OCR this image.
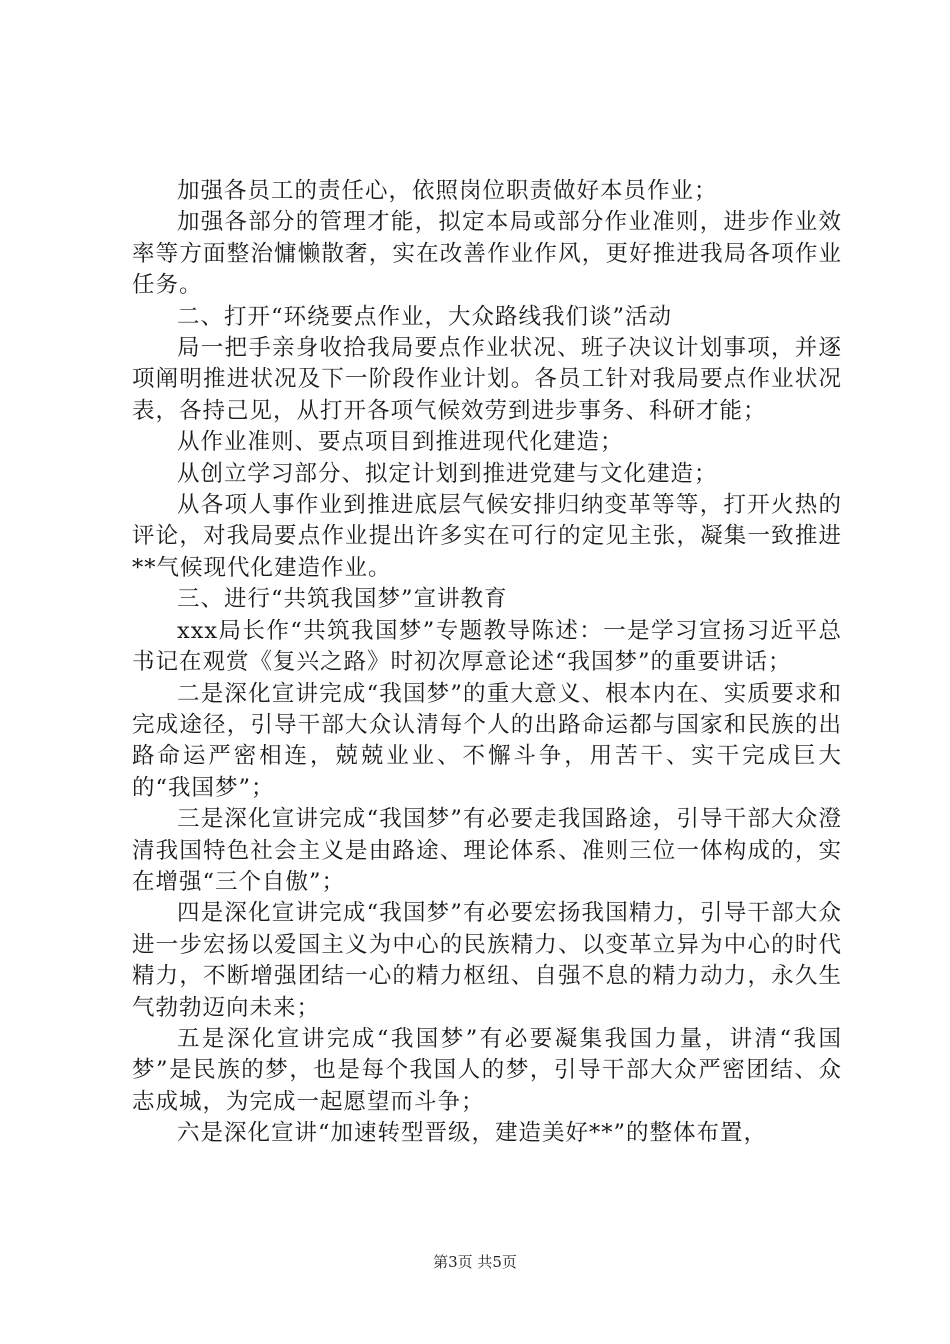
加强各员工的责任心，依照岗位职责做好本员作业；

加强各部分的管理才能，拟定本局或部分作业准则，进步作业效率等方面整治慵懒散奢，实在改善作业作风，更好推进我局各项作业任务。

二、打开“环绕要点作业，大众路线我们谈”活动

局一把手亲身收拾我局要点作业状况、班子决议计划事项，并逐项阐明推进状况及下一阶段作业计划。各员工针对我局要点作业状况表，各持己见，从打开各项气候效劳到进步事务、科研才能；

从作业准则、要点项目到推进现代化建造；

从创立学习部分、拟定计划到推进党建与文化建造；

从各项人事作业到推进底层气候安排归纳变革等等，打开火热的评论，对我局要点作业提出许多实在可行的定见主张，凝集一致推进**气候现代化建造作业。

三、进行“共筑我国梦”宣讲教育

xxx局长作“共筑我国梦”专题教导陈述：一是学习宣扬习近平总书记在观赏《复兴之路》时初次厚意论述“我国梦”的重要讲话；

二是深化宣讲完成“我国梦”的重大意义、根本内在、实质要求和完成途径，引导干部大众认清每个人的出路命运都与国家和民族的出路命运严密相连，兢兢业业、不懈斗争，用苦干、实干完成巨大的“我国梦”；

三是深化宣讲完成“我国梦”有必要走我国路途，引导干部大众澄清我国特色社会主义是由路途、理论体系、准则三位一体构成的，实在增强“三个自傲”；

四是深化宣讲完成“我国梦”有必要宏扬我国精力，引导干部大众进一步宏扬以爱国主义为中心的民族精力、以变革立异为中心的时代精力，不断增强团结一心的精力枢纽、自强不息的精力动力，永久生气勃勃迈向未来；

五是深化宣讲完成“我国梦”有必要凝集我国力量，讲清“我国梦”是民族的梦，也是每个我国人的梦，引导干部大众严密团结、众志成城，为完成一起愿望而斗争；

六是深化宣讲“加速转型晋级，建造美好**”的整体布置，

第3页 共5页
